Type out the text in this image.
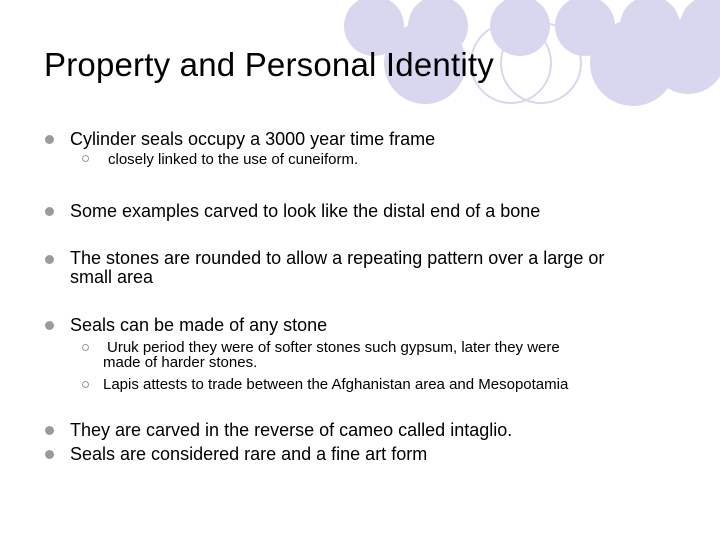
Property and Personal Identity
Cylinder seals occupy a 3000 year time frame
closely linked to the use of cuneiform.
Some examples carved to look like the distal end of a bone
The stones are rounded to allow a repeating pattern over a large or
small area
Seals can be made of any stone
Uruk period they were of softer stones such gypsum, later they were
made of harder stones.
Lapis attests to trade between the Afghanistan area and Mesopotamia
They are carved in the reverse of cameo called intaglio.
Seals are considered rare and a fine art form
